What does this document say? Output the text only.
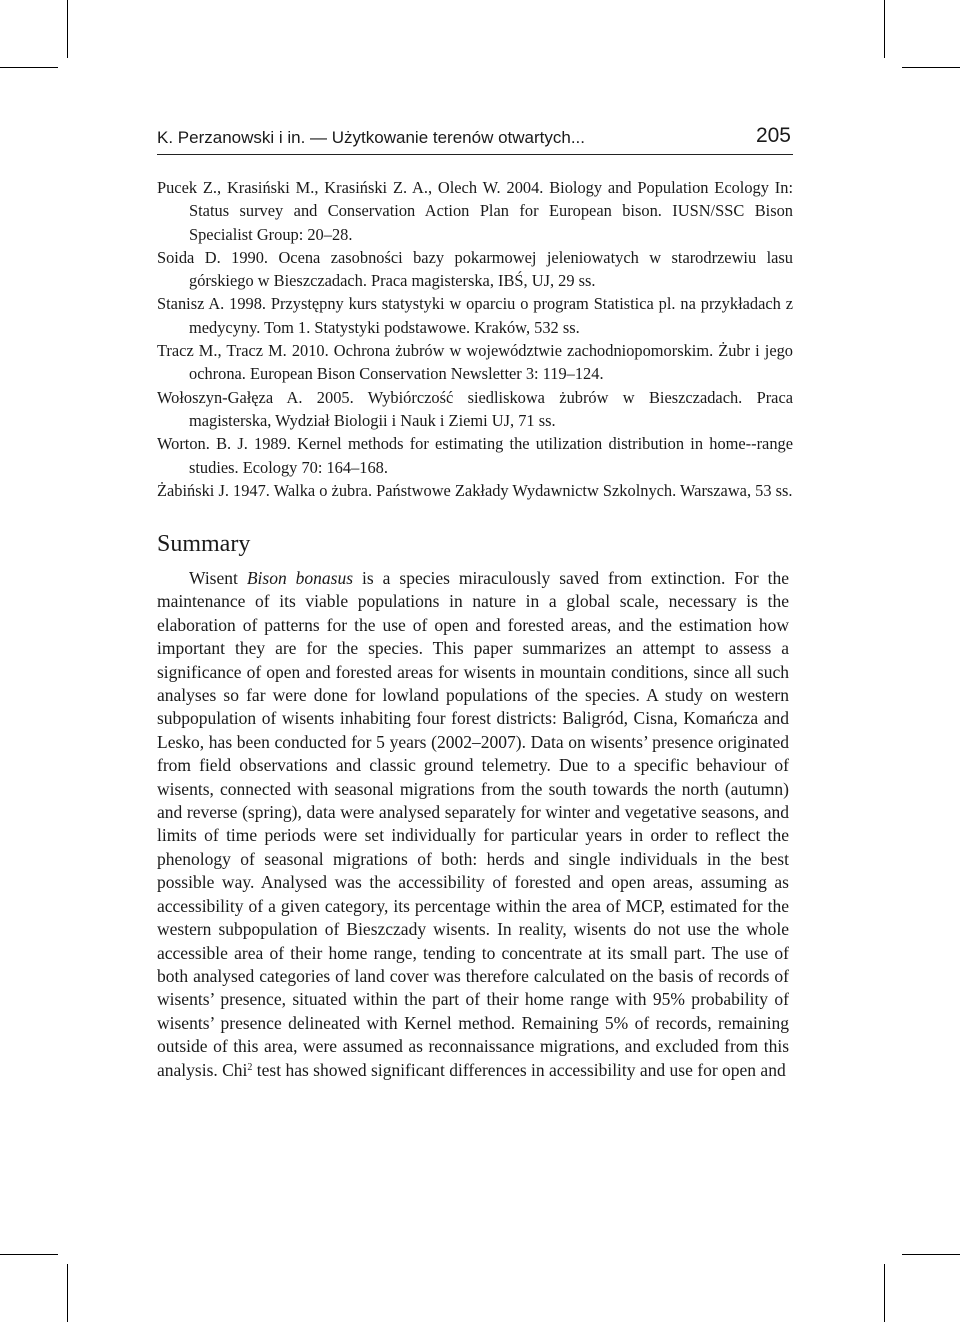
K. Perzanowski i in. — Użytkowanie terenów otwartych...	205

Pucek Z., Krasiński M., Krasiński Z. A., Olech W. 2004. Biology and Population Ecology In: Status survey and Conservation Action Plan for European bison. IUSN/SSC Bison Specialist Group: 20–28.

Soida D. 1990. Ocena zasobności bazy pokarmowej jeleniowatych w starodrzewiu lasu górskiego w Bieszczadach. Praca magisterska, IBŚ, UJ, 29 ss.

Stanisz A. 1998. Przystępny kurs statystyki w oparciu o program Statistica pl. na przykładach z medycyny. Tom 1. Statystyki podstawowe. Kraków, 532 ss.

Tracz M., Tracz M. 2010. Ochrona żubrów w województwie zachodniopomorskim. Żubr i jego ochrona. European Bison Conservation Newsletter 3: 119–124.

Wołoszyn-Gałęza A. 2005. Wybiórczość siedliskowa żubrów w Bieszczadach. Praca magisterska, Wydział Biologii i Nauk i Ziemi UJ, 71 ss.

Worton. B. J. 1989. Kernel methods for estimating the utilization distribution in home--range studies. Ecology 70: 164–168.

Żabiński J. 1947. Walka o żubra. Państwowe Zakłady Wydawnictw Szkolnych. Warszawa, 53 ss.

Summary

Wisent Bison bonasus is a species miraculously saved from extinction. For the maintenance of its viable populations in nature in a global scale, necessary is the elaboration of patterns for the use of open and forested areas, and the estimation how important they are for the species. This paper summarizes an attempt to assess a significance of open and forested areas for wisents in mountain conditions, since all such analyses so far were done for lowland populations of the species. A study on western subpopulation of wisents inhabiting four forest districts: Baligród, Cisna, Komańcza and Lesko, has been conducted for 5 years (2002–2007). Data on wisents’ presence originated from field observations and classic ground telemetry. Due to a specific behaviour of wisents, connected with seasonal migrations from the south towards the north (autumn) and reverse (spring), data were analysed separately for winter and vegetative seasons, and limits of time periods were set individually for particular years in order to reflect the phenology of seasonal migrations of both: herds and single individuals in the best possible way. Analysed was the accessibility of forested and open areas, assuming as accessibility of a given category, its percentage within the area of MCP, estimated for the western subpopulation of Bieszczady wisents. In reality, wisents do not use the whole accessible area of their home range, tending to concentrate at its small part. The use of both analysed categories of land cover was therefore calculated on the basis of records of wisents’ presence, situated within the part of their home range with 95% probability of wisents’ presence delineated with Kernel method. Remaining 5% of records, remaining outside of this area, were assumed as reconnaissance migrations, and excluded from this analysis. Chi$^2$ test has showed significant differences in accessibility and use for open and
